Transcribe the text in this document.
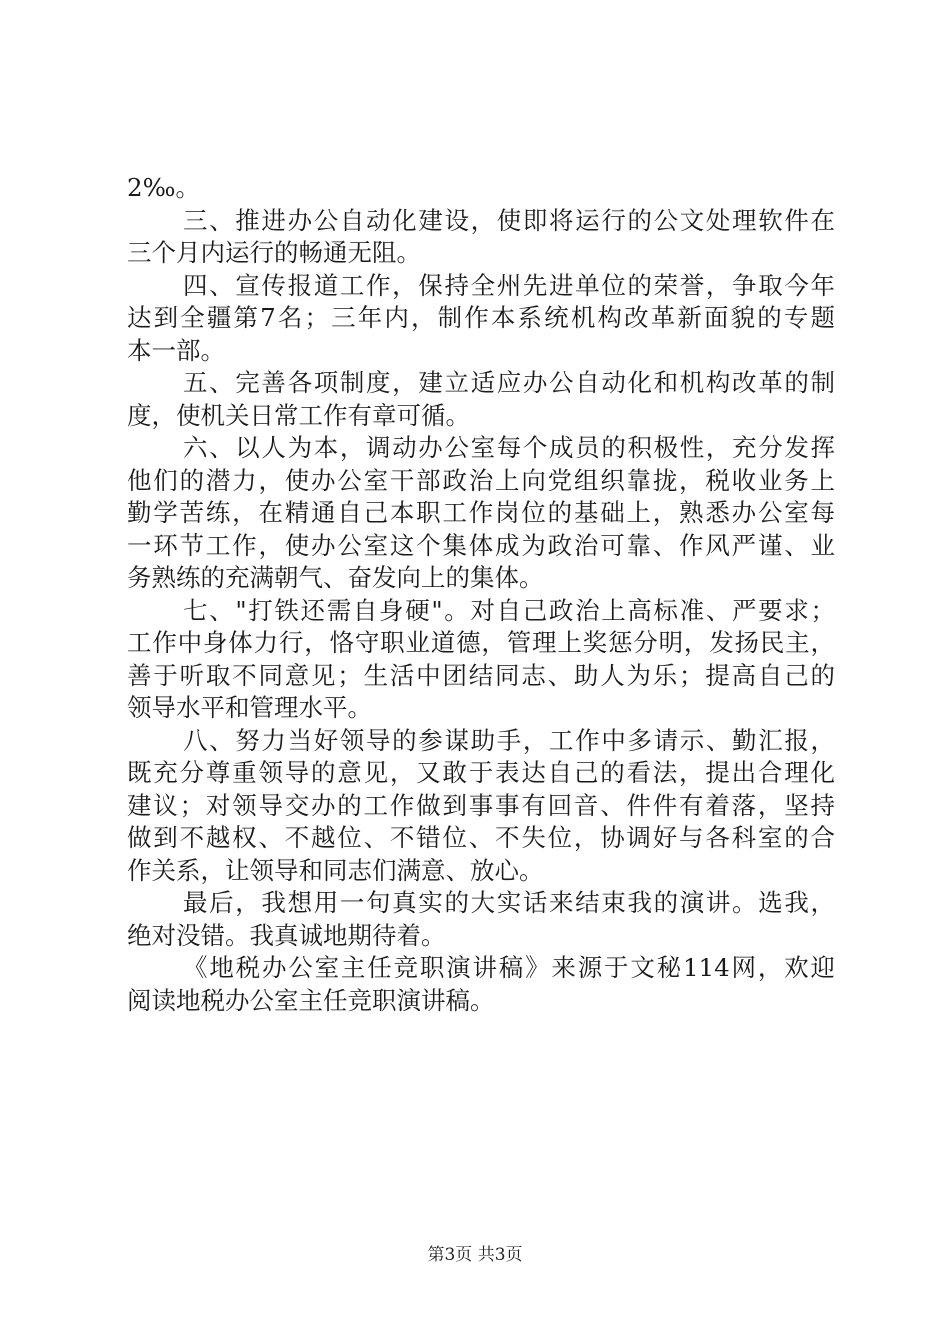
2‰。
三、推进办公自动化建设，使即将运行的公文处理软件在
三个月内运行的畅通无阻。
四、宣传报道工作，保持全州先进单位的荣誉，争取今年
达到全疆第7名；三年内，制作本系统机构改革新面貌的专题
本一部。
五、完善各项制度，建立适应办公自动化和机构改革的制
度，使机关日常工作有章可循。
六、以人为本，调动办公室每个成员的积极性，充分发挥
他们的潜力，使办公室干部政治上向党组织靠拢，税收业务上
勤学苦练，在精通自己本职工作岗位的基础上，熟悉办公室每
一环节工作，使办公室这个集体成为政治可靠、作风严谨、业
务熟练的充满朝气、奋发向上的集体。
七、"打铁还需自身硬"。对自己政治上高标准、严要求；
工作中身体力行，恪守职业道德，管理上奖惩分明，发扬民主，
善于听取不同意见；生活中团结同志、助人为乐；提高自己的
领导水平和管理水平。
八、努力当好领导的参谋助手，工作中多请示、勤汇报，
既充分尊重领导的意见，又敢于表达自己的看法，提出合理化
建议；对领导交办的工作做到事事有回音、件件有着落，坚持
做到不越权、不越位、不错位、不失位，协调好与各科室的合
作关系，让领导和同志们满意、放心。
最后，我想用一句真实的大实话来结束我的演讲。选我，
绝对没错。我真诚地期待着。
《地税办公室主任竞职演讲稿》来源于文秘114网，欢迎
阅读地税办公室主任竞职演讲稿。
第3页 共3页
